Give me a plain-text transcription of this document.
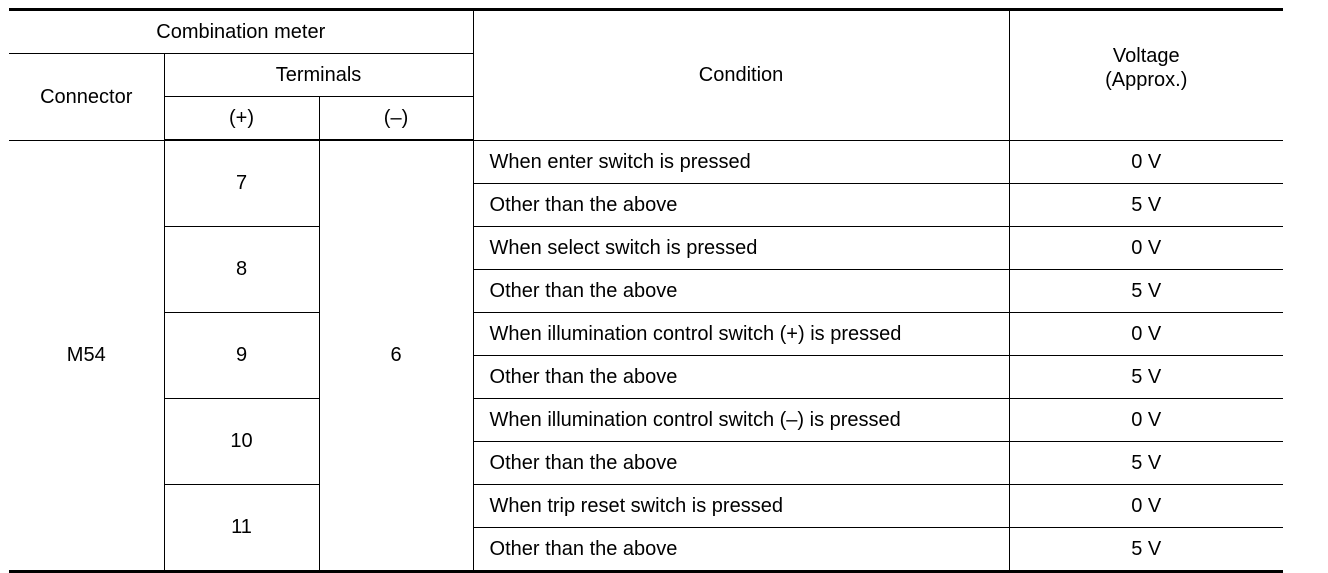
Combination meter			Condition	Voltage
(Approx.)

Connector	Terminals			
	(+)	(–)		
M54	7	6	When enter switch is pressed	0 V
			Other than the above	5 V
	8		When select switch is pressed	0 V
			Other than the above	5 V
	9		When illumination control switch (+) is pressed	0 V
			Other than the above	5 V
	10		When illumination control switch (–) is pressed	0 V
			Other than the above	5 V
	11		When trip reset switch is pressed	0 V
			Other than the above	5 V
